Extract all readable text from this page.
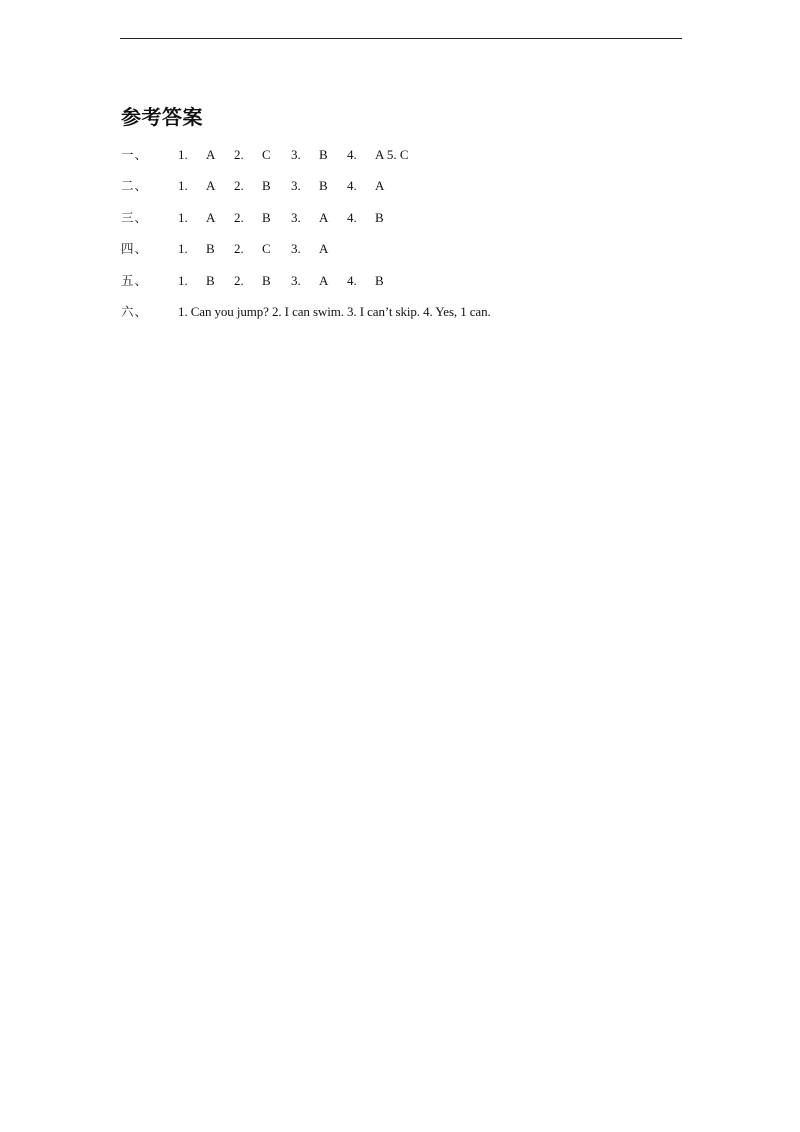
参考答案
一、 1. A 2. C 3. B 4. A 5. C
二、 1. A 2. B 3. B 4. A
三、 1. A 2. B 3. A 4. B
四、 1. B 2. C 3. A
五、 1. B 2. B 3. A 4. B
六、 1. Can you jump? 2. I can swim. 3. I can’t skip. 4. Yes, 1 can.
